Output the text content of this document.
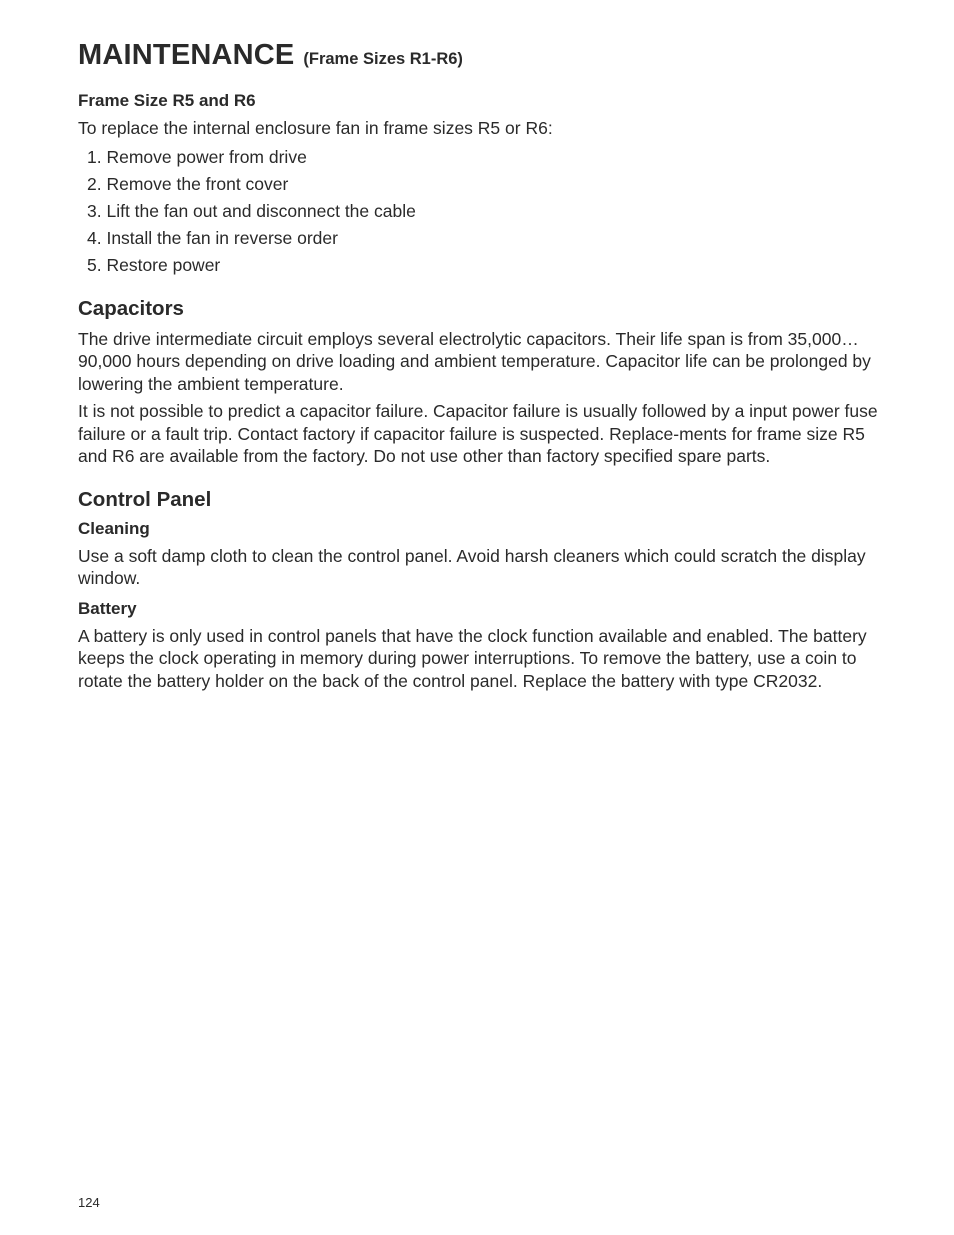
MAINTENANCE (Frame Sizes R1-R6)
Frame Size R5 and R6

To replace the internal enclosure fan in frame sizes R5 or R6:

1. Remove power from drive
2. Remove the front cover
3. Lift the fan out and disconnect the cable
4. Install the fan in reverse order
5. Restore power
Capacitors

The drive intermediate circuit employs several electrolytic capacitors. Their life span is from 35,000…90,000 hours depending on drive loading and ambient temperature. Capacitor life can be prolonged by lowering the ambient temperature.

It is not possible to predict a capacitor failure. Capacitor failure is usually followed by a input power fuse failure or a fault trip. Contact factory if capacitor failure is suspected. Replace-ments for frame size R5 and R6 are available from the factory. Do not use other than factory specified spare parts.

Control Panel
Cleaning

Use a soft damp cloth to clean the control panel. Avoid harsh cleaners which could scratch the display window.

Battery

A battery is only used in control panels that have the clock function available and enabled. The battery keeps the clock operating in memory during power interruptions. To remove the battery, use a coin to rotate the battery holder on the back of the control panel. Replace the battery with type CR2032.

124
